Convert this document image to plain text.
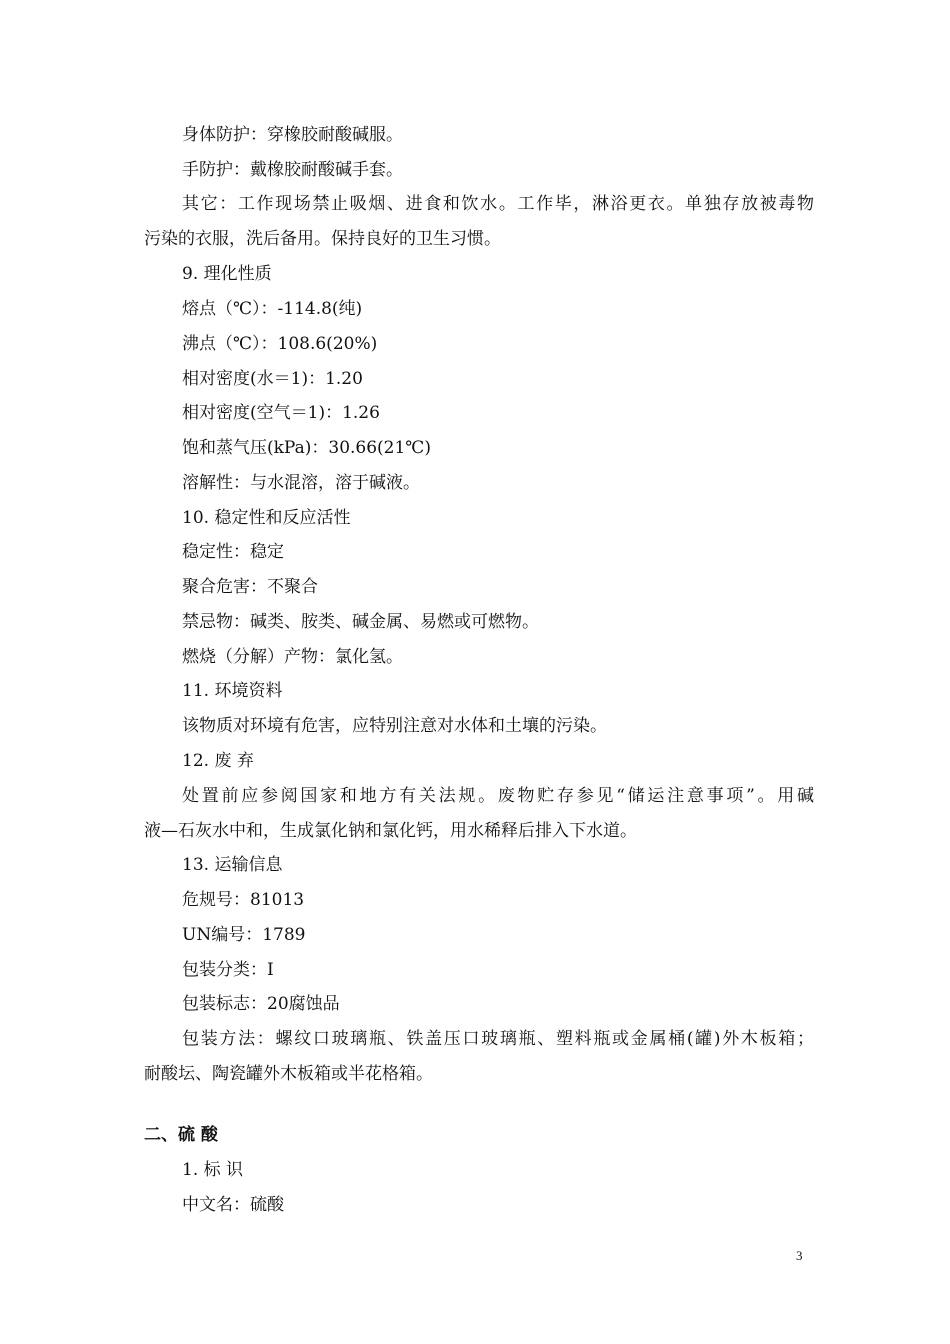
身体防护：穿橡胶耐酸碱服。
手防护：戴橡胶耐酸碱手套。
其它：工作现场禁止吸烟、进食和饮水。工作毕，淋浴更衣。单独存放被毒物
污染的衣服，洗后备用。保持良好的卫生习惯。
9. 理化性质
熔点（℃）：-114.8(纯)
沸点（℃）：108.6(20%)
相对密度(水＝1)：1.20
相对密度(空气＝1)：1.26
饱和蒸气压(kPa)：30.66(21℃)
溶解性：与水混溶，溶于碱液。
10. 稳定性和反应活性
稳定性：稳定
聚合危害：不聚合
禁忌物：碱类、胺类、碱金属、易燃或可燃物。
燃烧（分解）产物：氯化氢。
11. 环境资料
该物质对环境有危害，应特别注意对水体和土壤的污染。
12. 废 弃
处置前应参阅国家和地方有关法规。废物贮存参见“储运注意事项”。用碱
液—石灰水中和，生成氯化钠和氯化钙，用水稀释后排入下水道。
13. 运输信息
危规号：81013
UN编号：1789
包装分类：I
包装标志：20腐蚀品
包装方法：螺纹口玻璃瓶、铁盖压口玻璃瓶、塑料瓶或金属桶(罐)外木板箱；
耐酸坛、陶瓷罐外木板箱或半花格箱。
二、硫 酸
1. 标 识
中文名：硫酸
3
